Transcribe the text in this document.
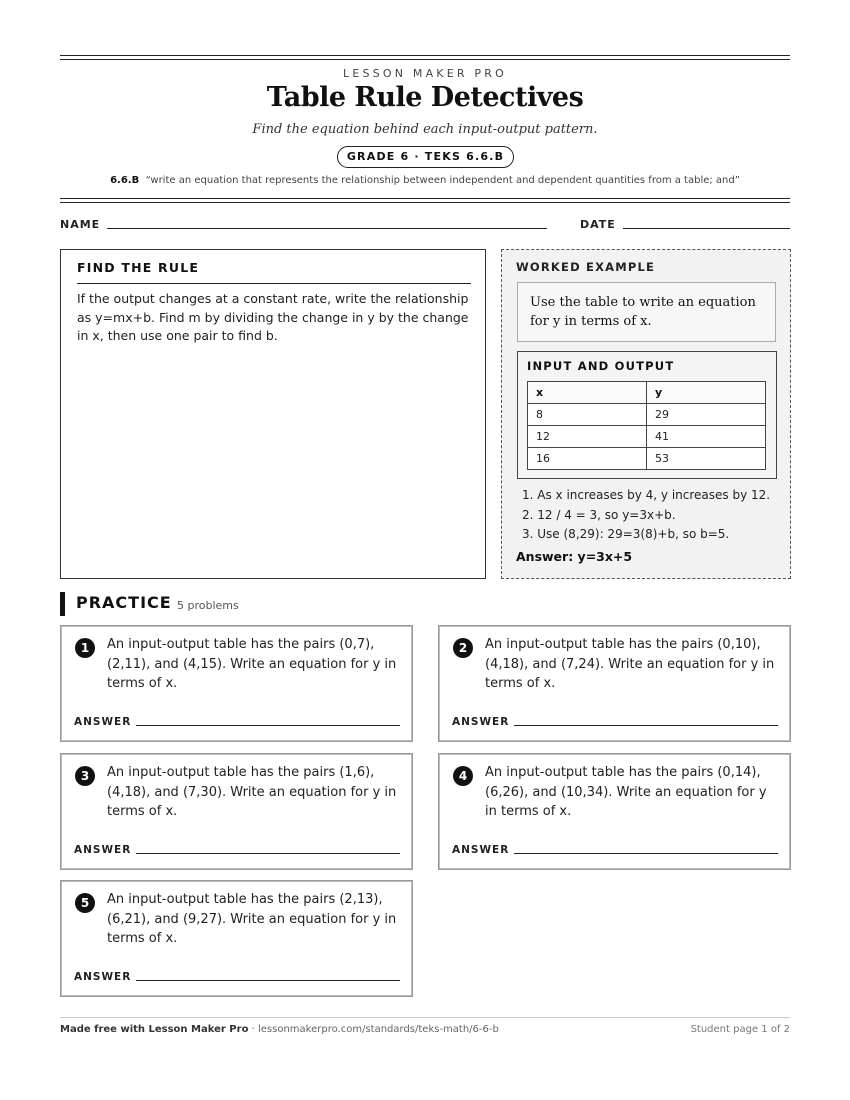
LESSON MAKER PRO
Table Rule Detectives
Find the equation behind each input-output pattern.
GRADE 6 · TEKS 6.6.B
6.6.B “write an equation that represents the relationship between independent and dependent quantities from a table; and”
NAME	DATE
FIND THE RULE
If the output changes at a constant rate, write the relationship as y=mx+b. Find m by dividing the change in y by the change in x, then use one pair to find b.
WORKED EXAMPLE
Use the table to write an equation for y in terms of x.
INPUT AND OUTPUT
x	y
8	29
12	41
16	53
1. As x increases by 4, y increases by 12.
2. 12 / 4 = 3, so y=3x+b.
3. Use (8,29): 29=3(8)+b, so b=5.
Answer: y=3x+5
PRACTICE 5 problems
1	An input-output table has the pairs (0,7), (2,11), and (4,15). Write an equation for y in terms of x.
ANSWER
2	An input-output table has the pairs (0,10), (4,18), and (7,24). Write an equation for y in terms of x.
ANSWER
3	An input-output table has the pairs (1,6), (4,18), and (7,30). Write an equation for y in terms of x.
ANSWER
4	An input-output table has the pairs (0,14), (6,26), and (10,34). Write an equation for y in terms of x.
ANSWER
5	An input-output table has the pairs (2,13), (6,21), and (9,27). Write an equation for y in terms of x.
ANSWER
Made free with Lesson Maker Pro · lessonmakerpro.com/standards/teks-math/6-6-b	Student page 1 of 2
